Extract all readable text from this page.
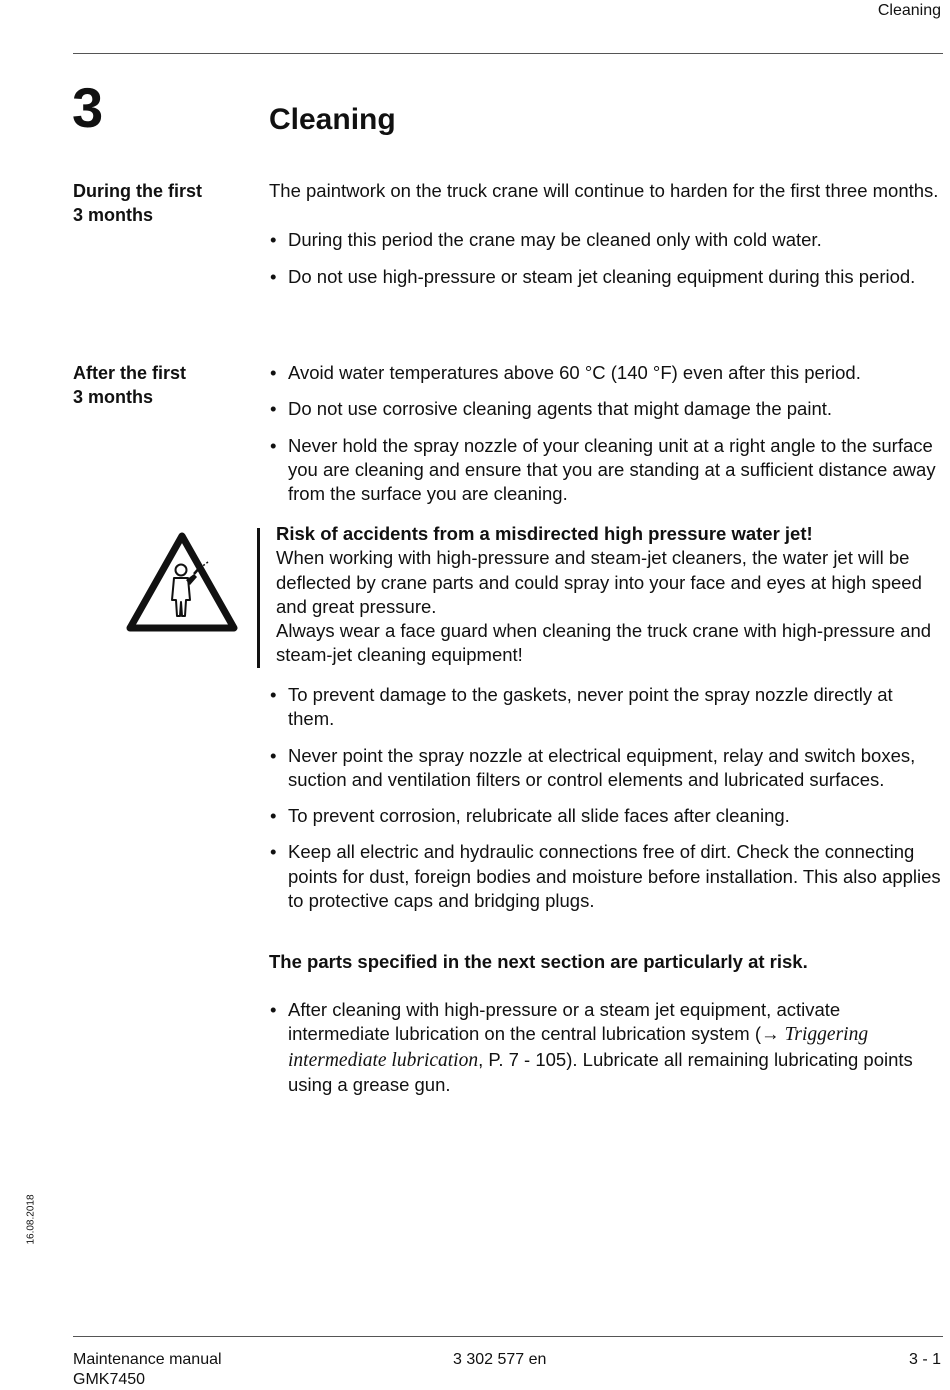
Cleaning
3	Cleaning
During the first
3 months

The paintwork on the truck crane will continue to harden for the first three months.

• During this period the crane may be cleaned only with cold water.
• Do not use high-pressure or steam jet cleaning equipment during this period.
After the first
3 months
• Avoid water temperatures above 60 °C (140 °F) even after this period.
• Do not use corrosive cleaning agents that might damage the paint.
• Never hold the spray nozzle of your cleaning unit at a right angle to the surface you are cleaning and ensure that you are standing at a sufficient distance away from the surface you are cleaning.
Risk of accidents from a misdirected high pressure water jet!
When working with high-pressure and steam-jet cleaners, the water jet will be deflected by crane parts and could spray into your face and eyes at high speed and great pressure.
Always wear a face guard when cleaning the truck crane with high-pressure and steam-jet cleaning equipment!
• To prevent damage to the gaskets, never point the spray nozzle directly at them.
• Never point the spray nozzle at electrical equipment, relay and switch boxes, suction and ventilation filters or control elements and lubricated surfaces.
• To prevent corrosion, relubricate all slide faces after cleaning.
• Keep all electric and hydraulic connections free of dirt. Check the connecting points for dust, foreign bodies and moisture before installation. This also applies to protective caps and bridging plugs.
The parts specified in the next section are particularly at risk.
• After cleaning with high-pressure or a steam jet equipment, activate intermediate lubrication on the central lubrication system (→ Triggering intermediate lubrication, P. 7 - 105). Lubricate all remaining lubricating points using a grease gun.
16.08.2018
Maintenance manual
GMK7450
3 302 577 en	3 - 1
